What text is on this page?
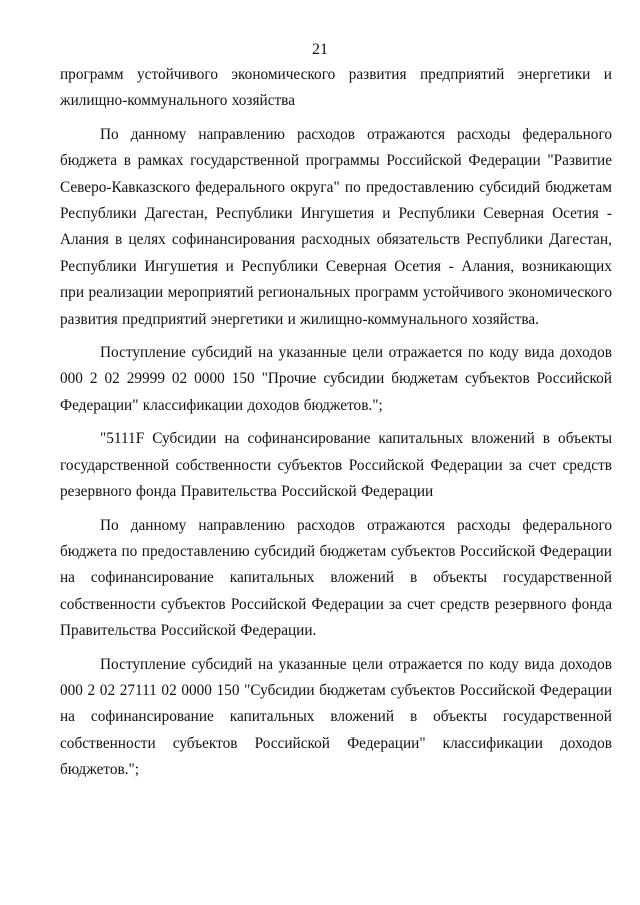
21

программ устойчивого экономического развития предприятий энергетики и жилищно-коммунального хозяйства

По данному направлению расходов отражаются расходы федерального бюджета в рамках государственной программы Российской Федерации "Развитие Северо-Кавказского федерального округа" по предоставлению субсидий бюджетам Республики Дагестан, Республики Ингушетия и Республики Северная Осетия - Алания в целях софинансирования расходных обязательств Республики Дагестан, Республики Ингушетия и Республики Северная Осетия - Алания, возникающих при реализации мероприятий региональных программ устойчивого экономического развития предприятий энергетики и жилищно-коммунального хозяйства.

Поступление субсидий на указанные цели отражается по коду вида доходов 000 2 02 29999 02 0000 150 "Прочие субсидии бюджетам субъектов Российской Федерации" классификации доходов бюджетов.";

"5111F Субсидии на софинансирование капитальных вложений в объекты государственной собственности субъектов Российской Федерации за счет средств резервного фонда Правительства Российской Федерации

По данному направлению расходов отражаются расходы федерального бюджета по предоставлению субсидий бюджетам субъектов Российской Федерации на софинансирование капитальных вложений в объекты государственной собственности субъектов Российской Федерации за счет средств резервного фонда Правительства Российской Федерации.

Поступление субсидий на указанные цели отражается по коду вида доходов 000 2 02 27111 02 0000 150 "Субсидии бюджетам субъектов Российской Федерации на софинансирование капитальных вложений в объекты государственной собственности субъектов Российской Федерации" классификации доходов бюджетов.";
